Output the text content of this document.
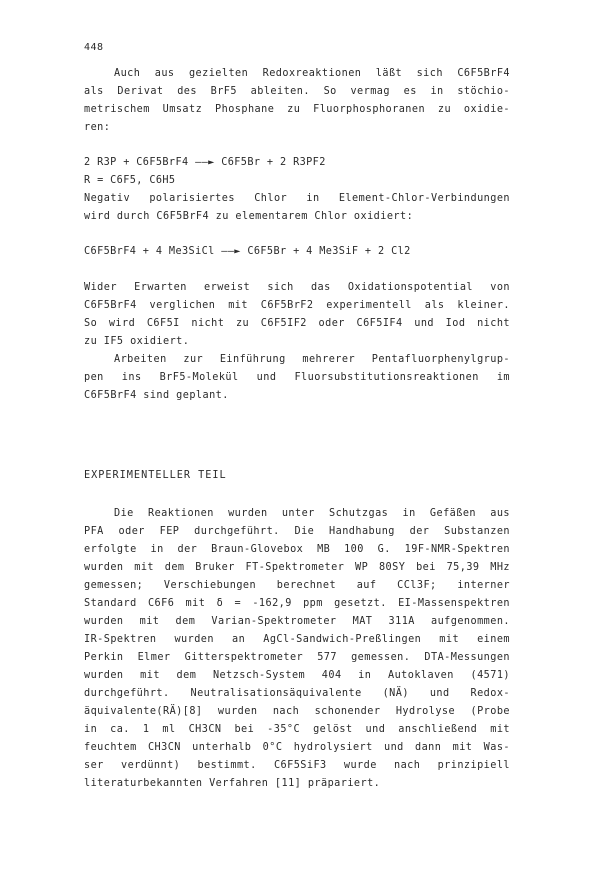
448
Auch aus gezielten Redoxreaktionen läßt sich C6F5BrF4
als Derivat des BrF5 ableiten. So vermag es in stöchio-
metrischem Umsatz Phosphane zu Fluorphosphoranen zu oxidie-
ren:
2 R3P + C6F5BrF4 ——► C6F5Br + 2 R3PF2
R = C6F5, C6H5
Negativ polarisiertes Chlor in Element-Chlor-Verbindungen
wird durch C6F5BrF4 zu elementarem Chlor oxidiert:
C6F5BrF4 + 4 Me3SiCl ——► C6F5Br + 4 Me3SiF + 2 Cl2
Wider Erwarten erweist sich das Oxidationspotential von
C6F5BrF4 verglichen mit C6F5BrF2 experimentell als kleiner.
So wird C6F5I nicht zu C6F5IF2 oder C6F5IF4 und Iod nicht
zu IF5 oxidiert.
Arbeiten zur Einführung mehrerer Pentafluorphenylgrup-
pen ins BrF5-Molekül und Fluorsubstitutionsreaktionen im
C6F5BrF4 sind geplant.
EXPERIMENTELLER TEIL
Die Reaktionen wurden unter Schutzgas in Gefäßen aus
PFA oder FEP durchgeführt. Die Handhabung der Substanzen
erfolgte in der Braun-Glovebox MB 100 G. 19F-NMR-Spektren
wurden mit dem Bruker FT-Spektrometer WP 80SY bei 75,39 MHz
gemessen; Verschiebungen berechnet auf CCl3F; interner
Standard C6F6 mit δ = -162,9 ppm gesetzt. EI-Massenspektren
wurden mit dem Varian-Spektrometer MAT 311A aufgenommen.
IR-Spektren wurden an AgCl-Sandwich-Preßlingen mit einem
Perkin Elmer Gitterspektrometer 577 gemessen. DTA-Messungen
wurden mit dem Netzsch-System 404 in Autoklaven (4571)
durchgeführt. Neutralisationsäquivalente (NÄ) und Redox-
äquivalente(RÄ)[8] wurden nach schonender Hydrolyse (Probe
in ca. 1 ml CH3CN bei -35°C gelöst und anschließend mit
feuchtem CH3CN unterhalb 0°C hydrolysiert und dann mit Was-
ser verdünnt) bestimmt. C6F5SiF3 wurde nach prinzipiell
literaturbekannten Verfahren [11] präpariert.
